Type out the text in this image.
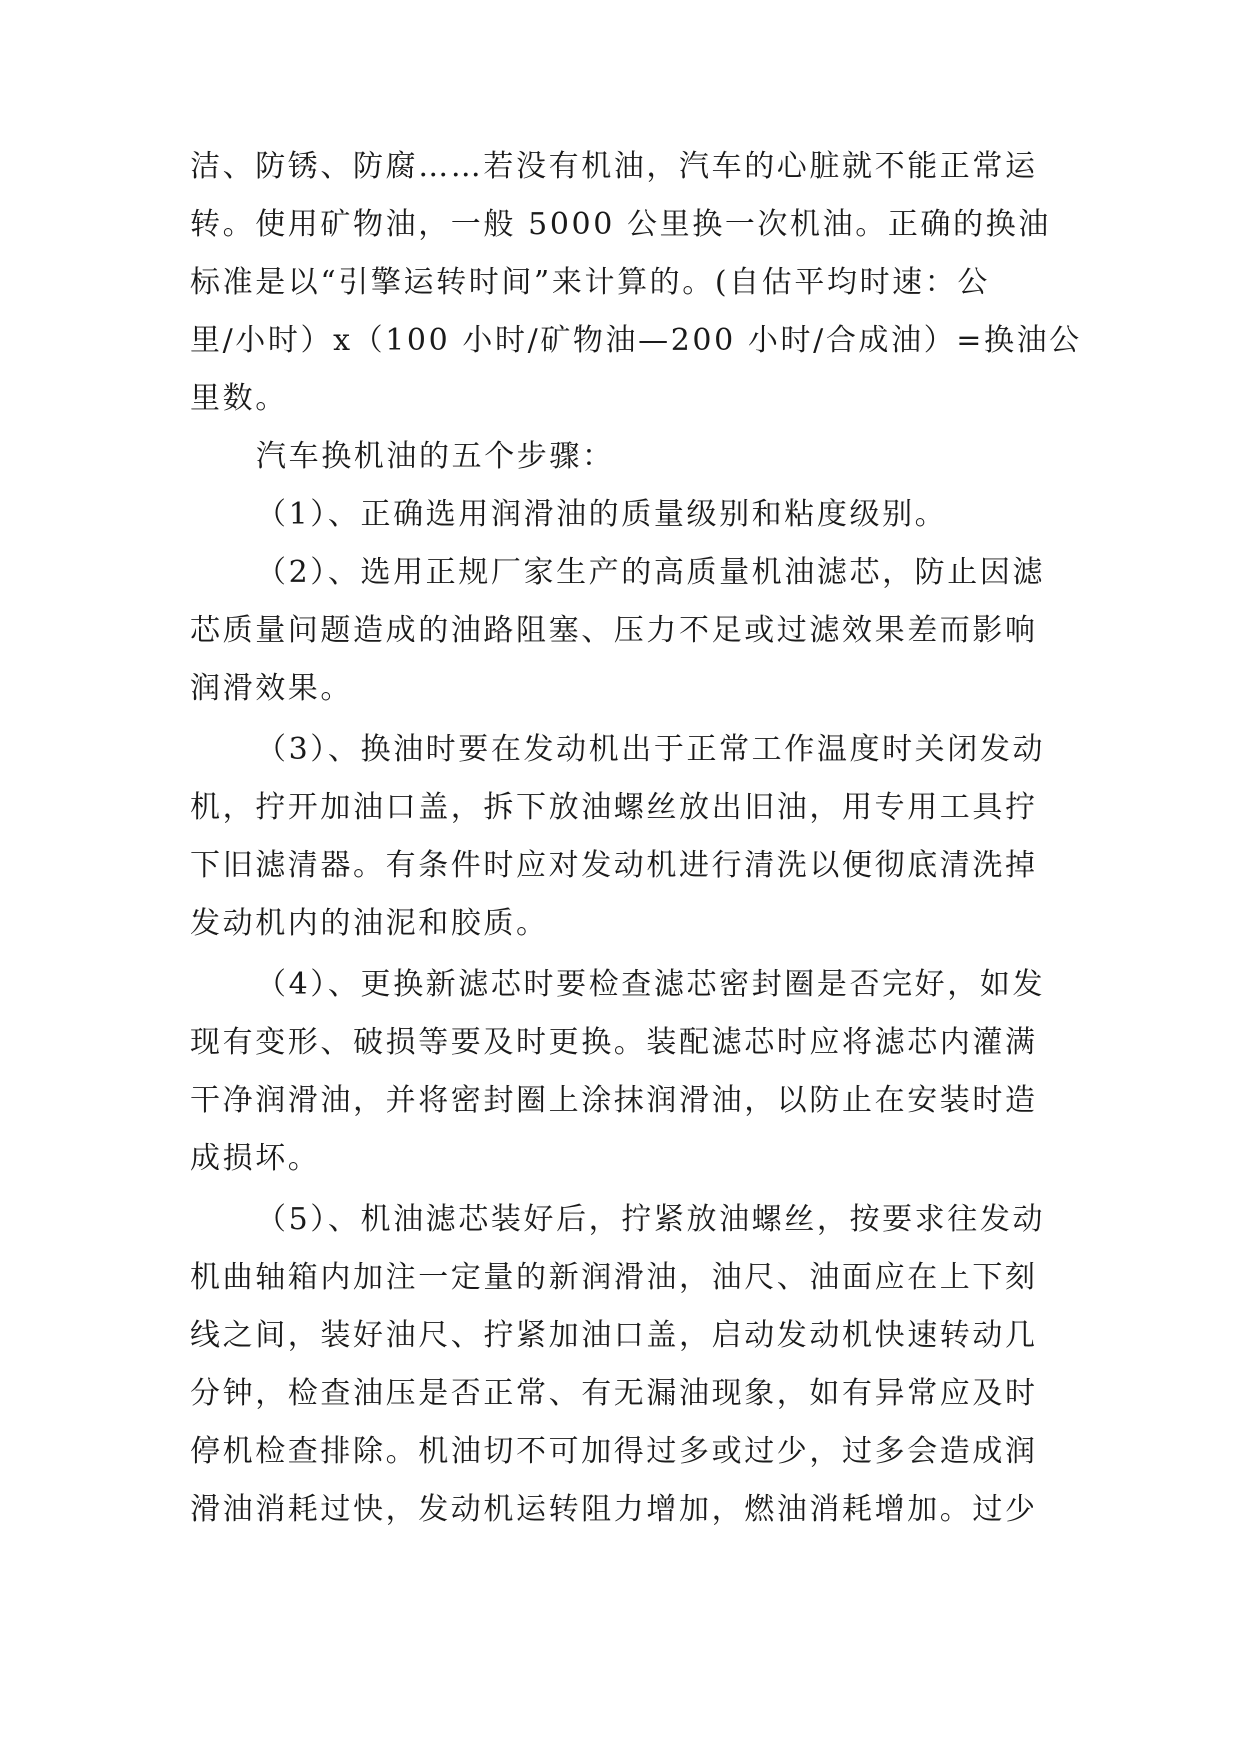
洁、防锈、防腐……若没有机油，汽车的心脏就不能正常运
转。使用矿物油，一般 5000 公里换一次机油。正确的换油
标准是以“引擎运转时间”来计算的。(自估平均时速：公
里/小时）x（100 小时/矿物油—200 小时/合成油）=换油公
里数。
汽车换机油的五个步骤：
（1）、正确选用润滑油的质量级别和粘度级别。
（2）、选用正规厂家生产的高质量机油滤芯，防止因滤
芯质量问题造成的油路阻塞、压力不足或过滤效果差而影响
润滑效果。
（3）、换油时要在发动机出于正常工作温度时关闭发动
机，拧开加油口盖，拆下放油螺丝放出旧油，用专用工具拧
下旧滤清器。有条件时应对发动机进行清洗以便彻底清洗掉
发动机内的油泥和胶质。
（4）、更换新滤芯时要检查滤芯密封圈是否完好，如发
现有变形、破损等要及时更换。装配滤芯时应将滤芯内灌满
干净润滑油，并将密封圈上涂抹润滑油，以防止在安装时造
成损坏。
（5）、机油滤芯装好后，拧紧放油螺丝，按要求往发动
机曲轴箱内加注一定量的新润滑油，油尺、油面应在上下刻
线之间，装好油尺、拧紧加油口盖，启动发动机快速转动几
分钟，检查油压是否正常、有无漏油现象，如有异常应及时
停机检查排除。机油切不可加得过多或过少，过多会造成润
滑油消耗过快，发动机运转阻力增加，燃油消耗增加。过少
